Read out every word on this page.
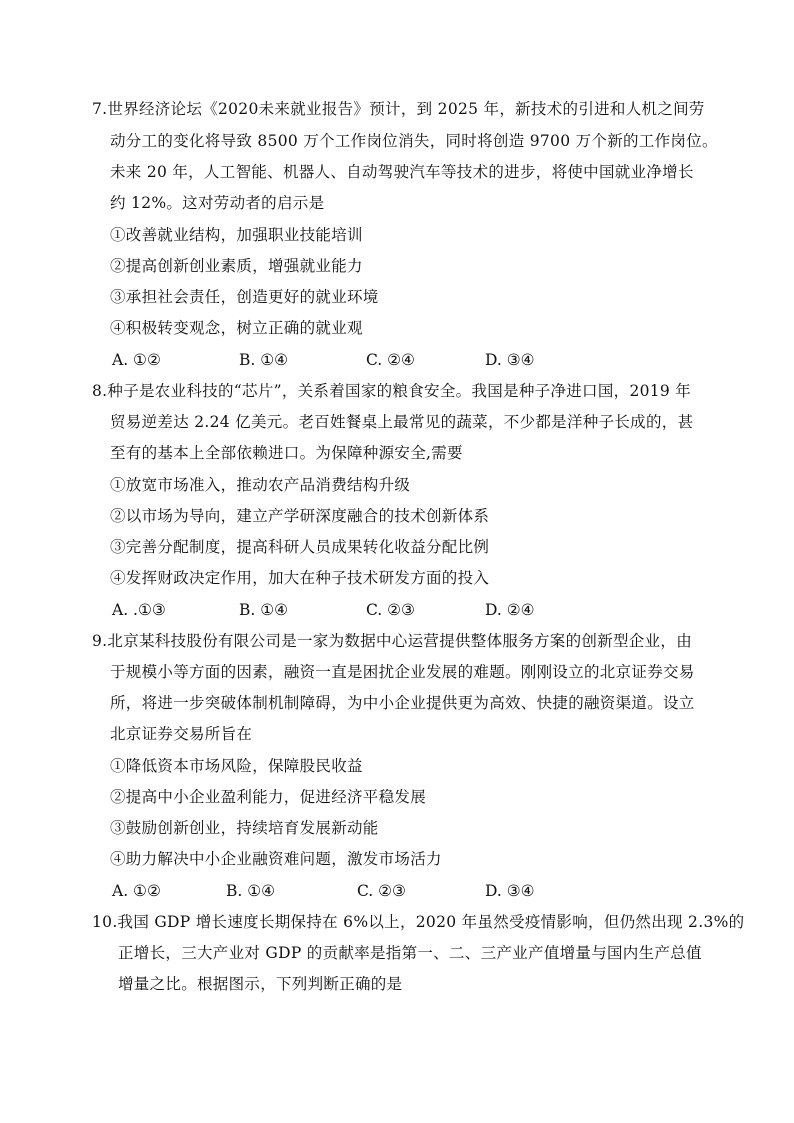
7.世界经济论坛《2020未来就业报告》预计，到 2025 年，新技术的引进和人机之间劳
动分工的变化将导致 8500 万个工作岗位消失，同时将创造 9700 万个新的工作岗位。
未来 20 年，人工智能、机器人、自动驾驶汽车等技术的进步，将使中国就业净增长
约 12%。这对劳动者的启示是
①改善就业结构，加强职业技能培训
②提高创新创业素质，增强就业能力
③承担社会责任，创造更好的就业环境
④积极转变观念，树立正确的就业观
A. ①②	B. ①④	C. ②④	D. ③④
8.种子是农业科技的“芯片”，关系着国家的粮食安全。我国是种子净进口国，2019 年
贸易逆差达 2.24 亿美元。老百姓餐桌上最常见的蔬菜，不少都是洋种子长成的，甚
至有的基本上全部依赖进口。为保障种源安全,需要
①放宽市场准入，推动农产品消费结构升级
②以市场为导向，建立产学研深度融合的技术创新体系
③完善分配制度，提高科研人员成果转化收益分配比例
④发挥财政决定作用，加大在种子技术研发方面的投入
A. .①③	B. ①④	C. ②③	D. ②④
9.北京某科技股份有限公司是一家为数据中心运营提供整体服务方案的创新型企业，由
于规模小等方面的因素，融资一直是困扰企业发展的难题。刚刚设立的北京证券交易
所，将进一步突破体制机制障碍，为中小企业提供更为高效、快捷的融资渠道。设立
北京证券交易所旨在
①降低资本市场风险，保障股民收益
②提高中小企业盈利能力，促进经济平稳发展
③鼓励创新创业，持续培育发展新动能
④助力解决中小企业融资难问题，激发市场活力
A. ①②	B. ①④	C. ②③	D. ③④
10.我国 GDP 增长速度长期保持在 6%以上，2020 年虽然受疫情影响，但仍然出现 2.3%的
正增长，三大产业对 GDP 的贡献率是指第一、二、三产业产值增量与国内生产总值
增量之比。根据图示，下列判断正确的是
